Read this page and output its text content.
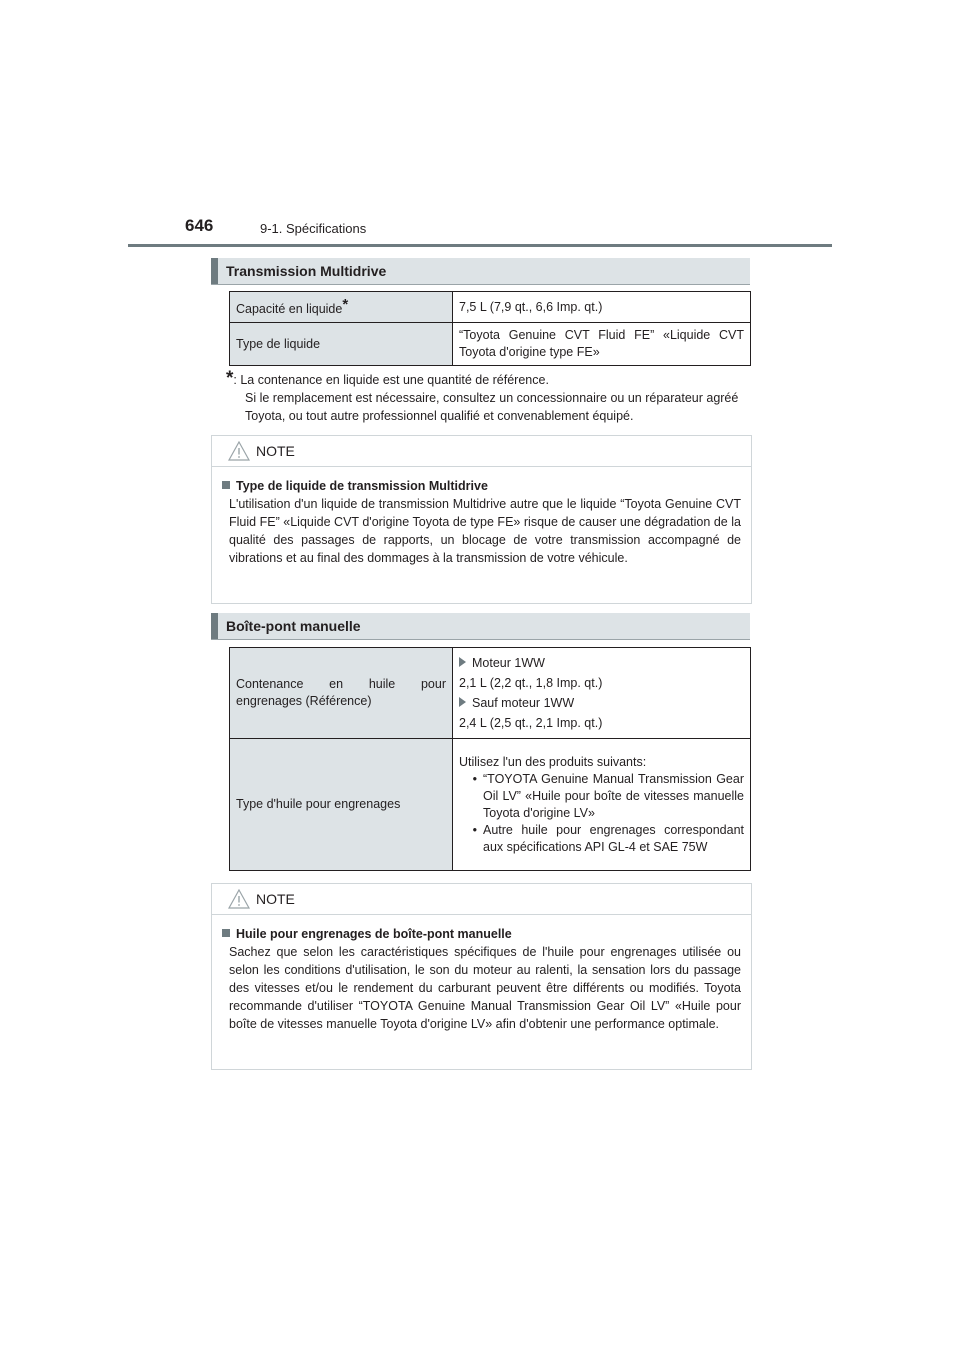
646	9-1. Spécifications
Transmission Multidrive
Capacité en liquide*	7,5 L (7,9 qt., 6,6 Imp. qt.)
Type de liquide	“Toyota Genuine CVT Fluid FE” «Liquide CVT Toyota d'origine type FE»
*: La contenance en liquide est une quantité de référence.
Si le remplacement est nécessaire, consultez un concessionnaire ou un réparateur agréé Toyota, ou tout autre professionnel qualifié et convenablement équipé.
NOTE
Type de liquide de transmission Multidrive
L'utilisation d'un liquide de transmission Multidrive autre que le liquide “Toyota Genuine CVT Fluid FE” «Liquide CVT d'origine Toyota de type FE» risque de causer une dégradation de la qualité des passages de rapports, un blocage de votre transmission accompagné de vibrations et au final des dommages à la transmission de votre véhicule.
Boîte-pont manuelle
Contenance en huile pour engrenages (Référence)	Moteur 1WW
2,1 L (2,2 qt., 1,8 Imp. qt.)
Sauf moteur 1WW
2,4 L (2,5 qt., 2,1 Imp. qt.)

Type d'huile pour engrenages	Utilisez l'un des produits suivants:
• “TOYOTA Genuine Manual Transmission Gear Oil LV” «Huile pour boîte de vitesses manuelle Toyota d'origine LV»
• Autre huile pour engrenages correspondant aux spécifications API GL-4 et SAE 75W
NOTE
Huile pour engrenages de boîte-pont manuelle
Sachez que selon les caractéristiques spécifiques de l'huile pour engrenages utilisée ou selon les conditions d'utilisation, le son du moteur au ralenti, la sensation lors du passage des vitesses et/ou le rendement du carburant peuvent être différents ou modifiés. Toyota recommande d'utiliser “TOYOTA Genuine Manual Transmission Gear Oil LV” «Huile pour boîte de vitesses manuelle Toyota d'origine LV» afin d'obtenir une performance optimale.
